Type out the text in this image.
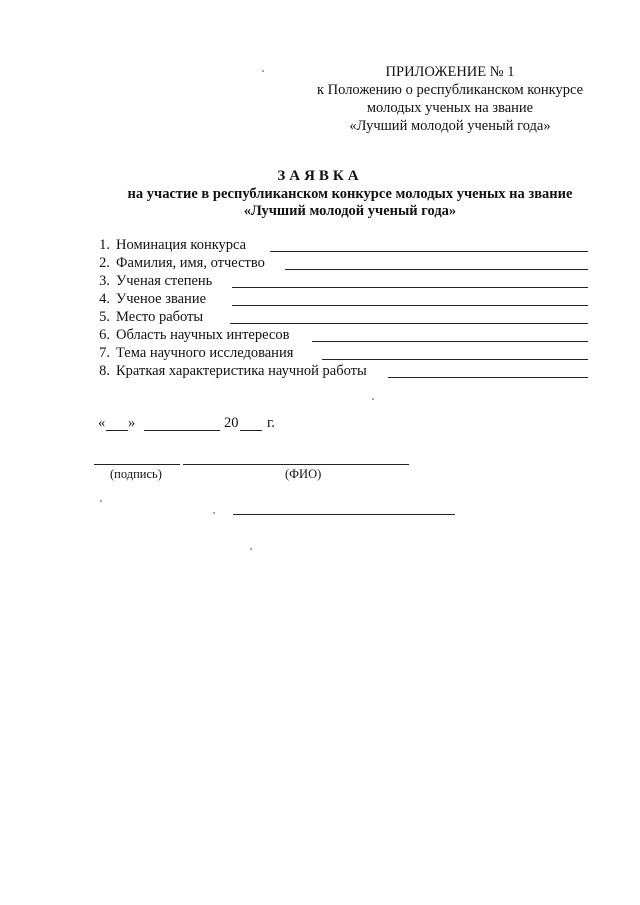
ПРИЛОЖЕНИЕ № 1
к Положению о республиканском конкурсе
молодых ученых на звание
«Лучший молодой ученый года»
ЗАЯВКА
на участие в республиканском конкурсе молодых ученых на звание
«Лучший молодой ученый года»
1. Номинация конкурса
2. Фамилия, имя, отчество
3. Ученая степень
4. Ученое звание
5. Место работы
6. Область научных интересов
7. Тема научного исследования
8. Краткая характеристика научной работы
« »	20 г.
(подпись)	(ФИО)
